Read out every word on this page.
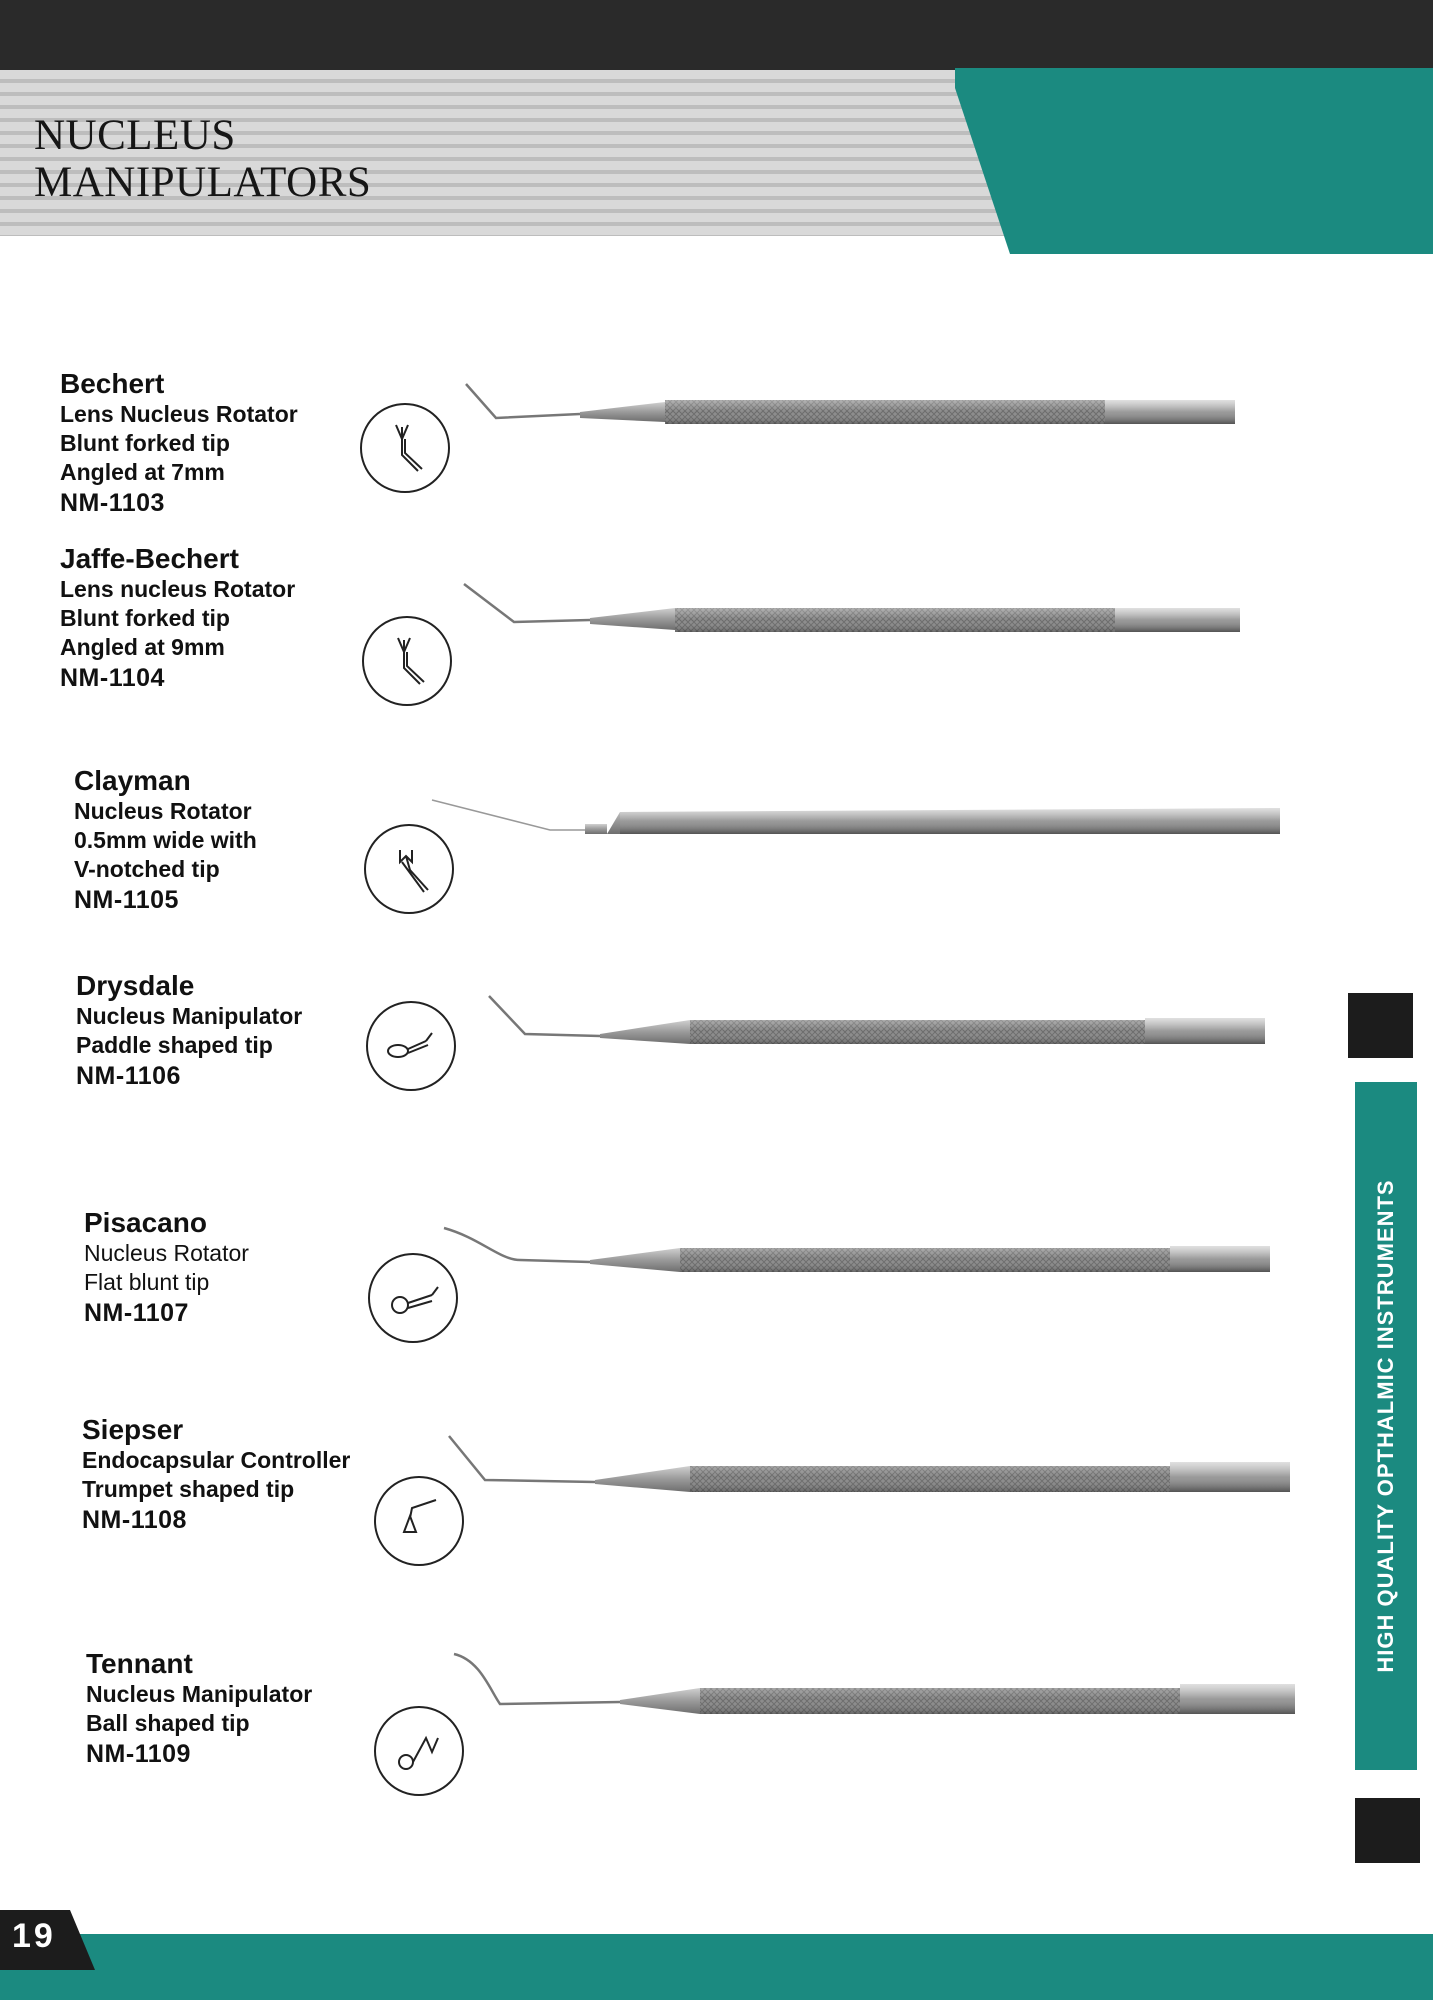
NUCLEUS
MANIPULATORS
Bechert
Lens Nucleus Rotator
Blunt forked tip
Angled at 7mm
NM-1103
Jaffe-Bechert
Lens nucleus Rotator
Blunt forked tip
Angled at 9mm
NM-1104
Clayman
Nucleus Rotator
0.5mm wide with
V-notched tip
NM-1105
Drysdale
Nucleus Manipulator
Paddle shaped tip
NM-1106
Pisacano
Nucleus Rotator
Flat blunt tip
NM-1107
Siepser
Endocapsular Controller
Trumpet shaped tip
NM-1108
Tennant
Nucleus Manipulator
Ball shaped tip
NM-1109
HIGH QUALITY OPTHALMIC INSTRUMENTS
19
